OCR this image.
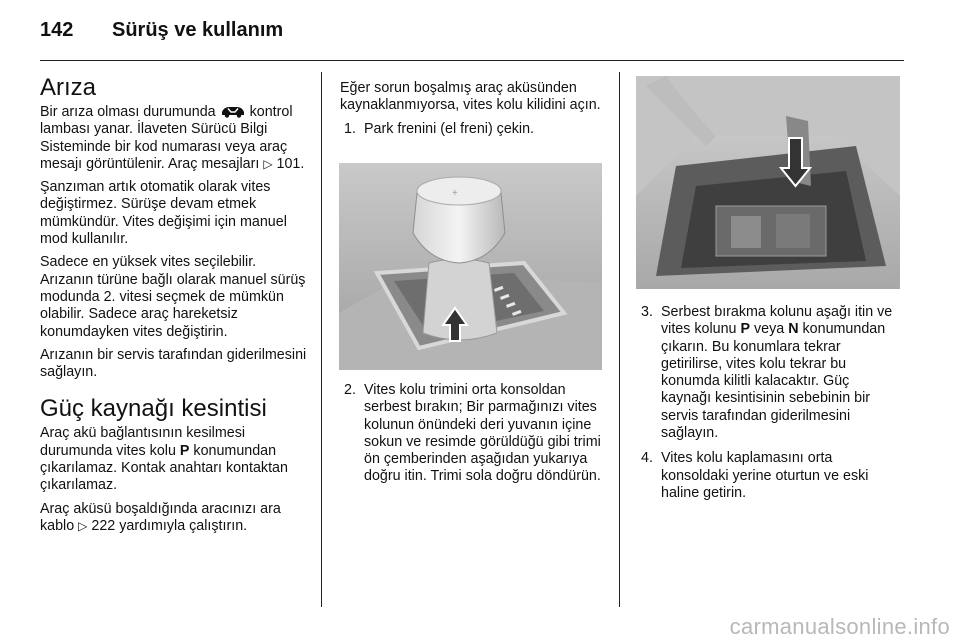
142 Sürüş ve kullanım
Arıza

Bir arıza olması durumunda kontrol lambası yanar. İlaveten Sürücü Bilgi Sisteminde bir kod numarası veya araç mesajı görüntülenir. Araç mesajları ▷ 101.

Şanzıman artık otomatik olarak vites değiştirmez. Sürüşe devam etmek mümkündür. Vites değişimi için manuel mod kullanılır.

Sadece en yüksek vites seçilebilir. Arızanın türüne bağlı olarak manuel sürüş modunda 2. vitesi seçmek de mümkün olabilir. Sadece araç hareketsiz konumdayken vites değiştirin.

Arızanın bir servis tarafından giderilmesini sağlayın.

Güç kaynağı kesintisi

Araç akü bağlantısının kesilmesi durumunda vites kolu P konumundan çıkarılamaz. Kontak anahtarı kontaktan çıkarılamaz.

Araç aküsü boşaldığında aracınızı ara kablo ▷ 222 yardımıyla çalıştırın.

Eğer sorun boşalmış araç aküsünden kaynaklanmıyorsa, vites kolu kilidini açın.

1. Park frenini (el freni) çekin.
+
2. Vites kolu trimini orta konsoldan serbest bırakın; Bir parmağınızı vites kolunun önündeki deri yuvanın içine sokun ve resimde görüldüğü gibi trimi ön çemberinden aşağıdan yukarıya doğru itin. Trimi sola doğru döndürün.
3. Serbest bırakma kolunu aşağı itin ve vites kolunu P veya N konumundan çıkarın. Bu konumlara tekrar getirilirse, vites kolu tekrar bu konumda kilitli kalacaktır. Güç kaynağı kesintisinin sebebinin bir servis tarafından giderilmesini sağlayın.
4. Vites kolu kaplamasını orta konsoldaki yerine oturtun ve eski haline getirin.
carmanualsonline.info
